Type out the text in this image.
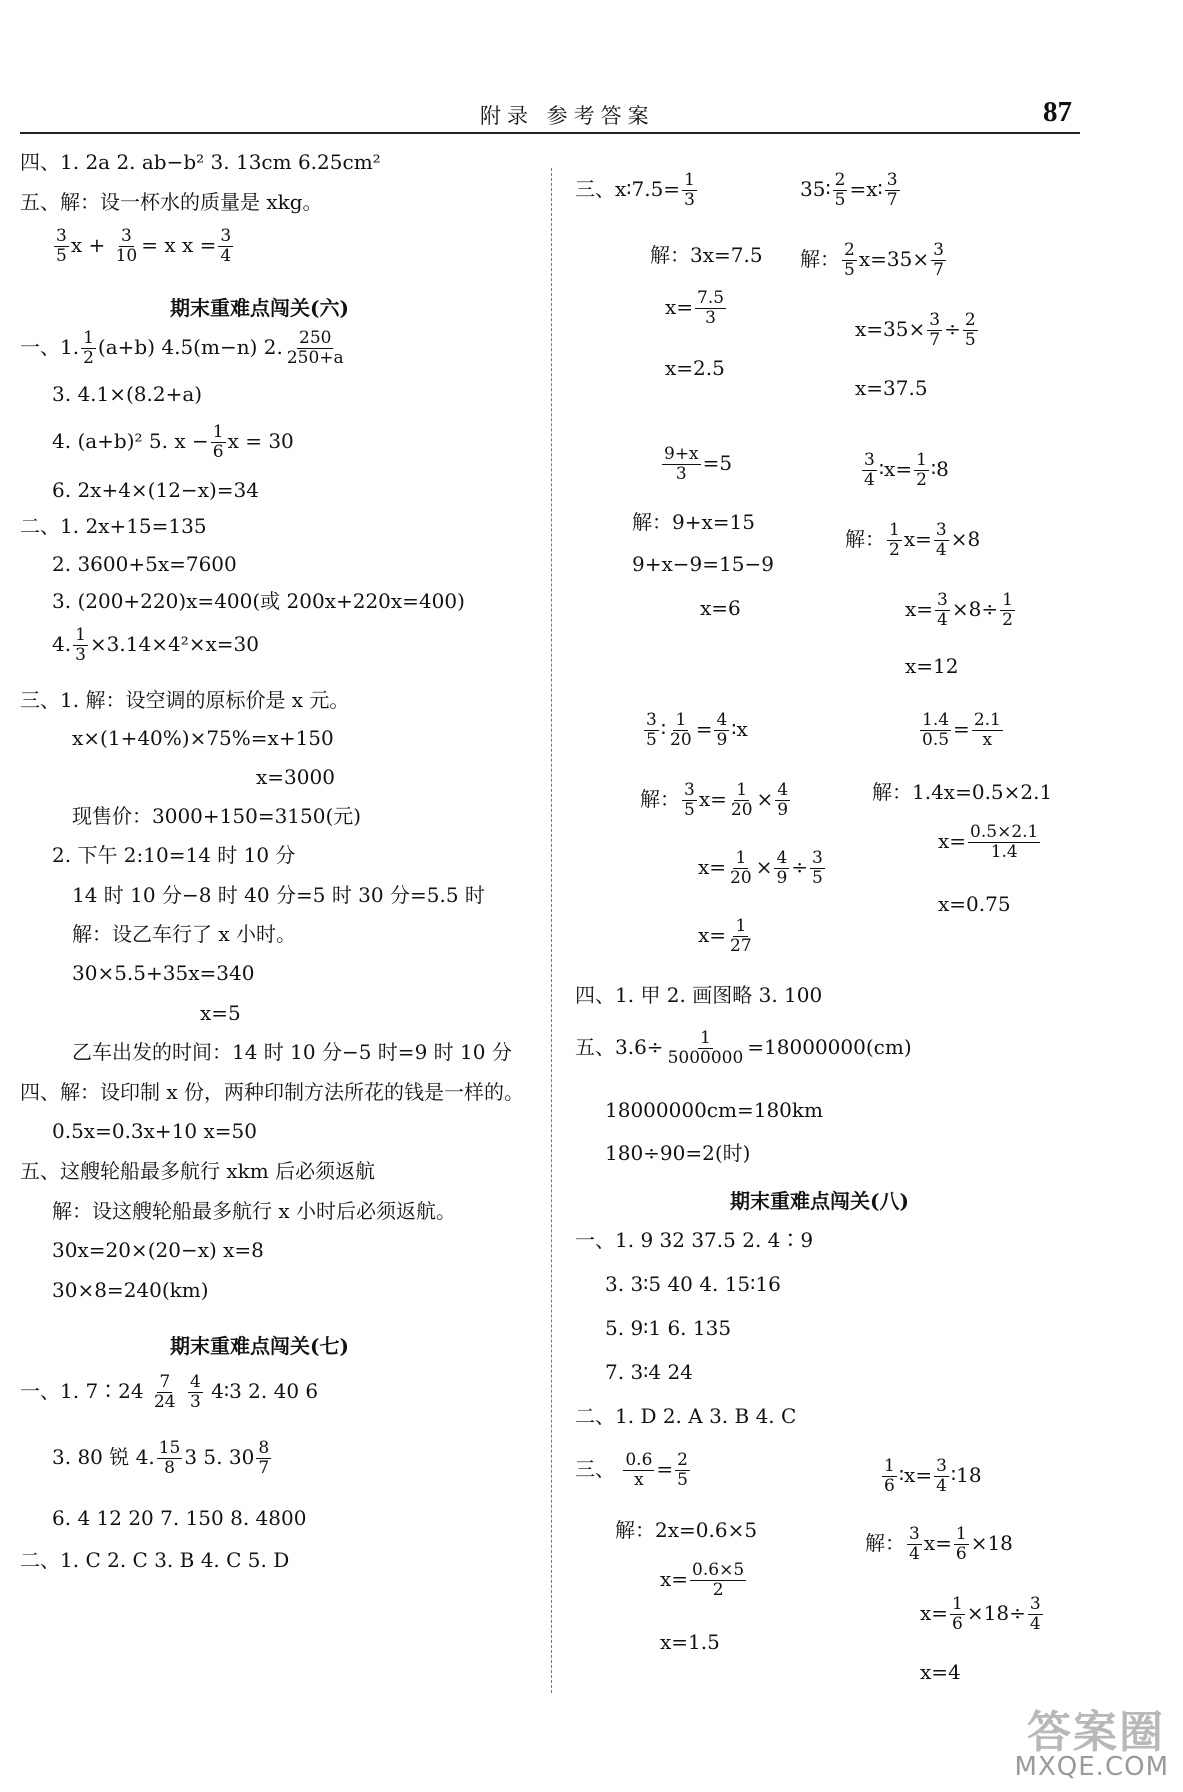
附录 参考答案	87
四、1. 2a 2. ab−b² 3. 13cm 6.25cm²
五、解：设一杯水的质量是 xkg。
$\frac{3}{5}$ $x + \frac{3}{10} = x$ $x = \frac{3}{4}$
期末重难点闯关(六)
一、1. $\frac{1}{2} (a+b)$ 4.5(m−n) 2. $\frac{250}{250+a}$
3. 4.1×(8.2+a)
4. (a+b)² 5. $x - \frac{1}{6}$ x = 30
6. 2x+4×(12−x)=34
二、1. 2x+15=135
2. 3600+5x=7600
3. (200+220)x=400(或 200x+220x=400)
4. $\frac{1}{3} \times 3.14\times 4^2\times x=30$
三、1. 解：设空调的原标价是 x 元。
x×(1+40%)×75%=x+150
x=3000
现售价：3000+150=3150(元)
2. 下午 2:10=14 时 10 分
14 时 10 分−8 时 40 分=5 时 30 分=5.5 时
解：设乙车行了 x 小时。
30×5.5+35x=340
x=5
乙车出发的时间：14 时 10 分−5 时=9 时 10 分
四、解：设印制 x 份，两种印制方法所花的钱是一样的。
0.5x=0.3x+10 x=50
五、这艘轮船最多航行 xkm 后必须返航
解：设这艘轮船最多航行 x 小时后必须返航。
30x=20×(20−x) x=8
30×8=240(km)
期末重难点闯关(七)
一、1. 7∶24 $\frac{7}{24}$
$\frac{4}{3}$ 4∶3 2. 40 6
3. 80 锐 4. $\frac{15}{8} 3$ 5. $30 \frac{8}{7}$
6. 4 12 20 7. 150 8. 4800
二、1. C 2. C 3. B 4. C 5. D
三、x∶7.5= $\frac{1}{3}$
解：3x=7.5
$x= \frac{7.5}{3}$
x=2.5
35∶ $\frac{2}{5}$ =x∶ $\frac{3}{7}$
解： $\frac{2}{5} x=35\times \frac{3}{7}$
$x=35\times \frac{3}{7} \div \frac{2}{5}$
x=37.5
$\frac{9+x}{3} =5$
解：9+x=15
9+x−9=15−9
x=6
$\frac{3}{4}$ ∶x= $\frac{1}{2}$ ∶8
解： $\frac{1}{2} x= \frac{3}{4} \times 8$
$x= \frac{3}{4} \times 8\div \frac{1}{2}$
x=12
$\frac{3}{5}$ ∶ $\frac{1}{20} = \frac{4}{9}$ ∶x
解： $\frac{3}{5} x= \frac{1}{20} \times \frac{4}{9}$
$x= \frac{1}{20} \times \frac{4}{9} \div \frac{3}{5}$
$x= \frac{1}{27}$
$\frac{1.4}{0.5} = \frac{2.1}{x}$
解：1.4x=0.5×2.1
$x= \frac{0.5\times 2.1}{1.4}$
x=0.75
四、1. 甲 2. 画图略 3. 100
五、$3.6\div \frac{1}{5000000} =18000000(cm)$
18000000cm=180km
180÷90=2(时)
期末重难点闯关(八)
一、1. 9 32 37.5 2. 4∶9
3. 3∶5 40 4. 15∶16
5. 9∶1 6. 135
7. 3∶4 24
二、1. D 2. A 3. B 4. C
三、 $\frac{0.6}{x} = \frac{2}{5}$
解：2x=0.6×5
$x= \frac{0.6\times 5}{2}$
x=1.5
$\frac{1}{6}$ ∶x= $\frac{3}{4}$ ∶18
解： $\frac{3}{4} x= \frac{1}{6} \times 18$
$x= \frac{1}{6} \times 18\div \frac{3}{4}$
x=4
答案圈
MXQE.COM
